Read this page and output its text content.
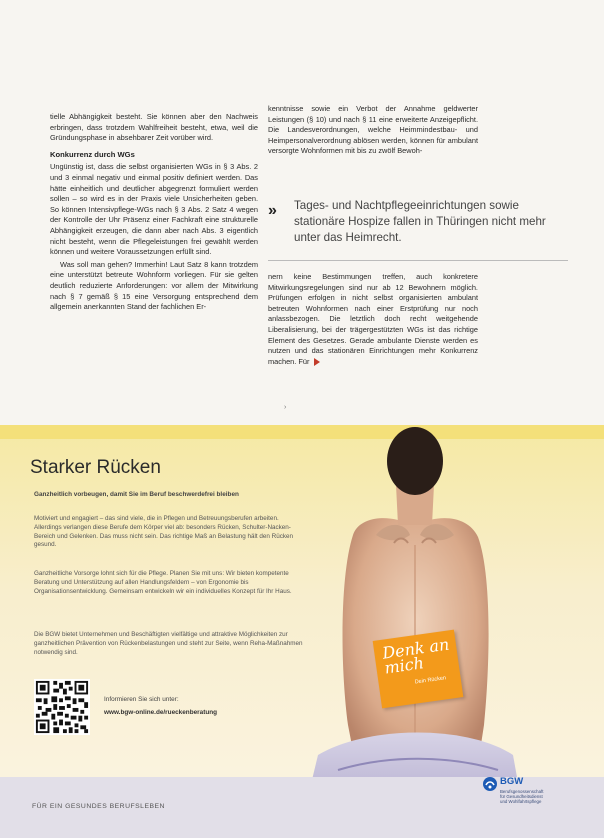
tielle Abhängigkeit besteht. Sie können aber den Nachweis erbringen, dass trotzdem Wahlfreiheit besteht, etwa, weil die Gründungsphase in absehbarer Zeit vorüber wird.

Konkurrenz durch WGs

Ungünstig ist, dass die selbst organisierten WGs in § 3 Abs. 2 und 3 einmal negativ und einmal positiv definiert werden. Das hätte einheitlich und deutlicher abgegrenzt formuliert werden sollen – so wird es in der Praxis viele Unsicherheiten geben. So können Intensivpflege-WGs nach § 3 Abs. 2 Satz 4 wegen der Kontrolle der Uhr Präsenz einer Fachkraft eine strukturelle Abhängigkeit erzeugen, die dann aber nach Abs. 3 eigentlich nicht besteht, wenn die Pflegeleistungen frei gewählt werden können und weitere Voraussetzungen erfüllt sind.

Was soll man gehen? Immerhin! Laut Satz 8 kann trotzdem eine unterstützt betreute Wohnform vorliegen. Für sie gelten deutlich reduzierte Anforderungen: vor allem der Mitwirkung nach § 7 gemäß § 15 eine Versorgung entsprechend dem allgemein anerkannten Stand der fachlichen Er-

kenntnisse sowie ein Verbot der Annahme geldwerter Leistungen (§ 10) und nach § 11 eine erweiterte Anzeigepflicht. Die Landesverordnungen, welche Heimmindestbau- und Heimpersonalverordnung ablösen werden, können für ambulant versorgte Wohnformen mit bis zu zwölf Bewoh-

» Tages- und Nachtpflegeeinrichtungen sowie stationäre Hospize fallen in Thüringen nicht mehr unter das Heimrecht.

nern keine Bestimmungen treffen, auch konkretere Mitwirkungsregelungen sind nur ab 12 Bewohnern möglich. Prüfungen erfolgen in nicht selbst organisierten ambulant betreuten Wohnformen nach einer Erstprüfung nur noch anlassbezogen. Die letztlich doch recht weitgehende Liberalisierung, bei der trägergestützten WGs ist das richtige Element des Gesetzes. Gerade ambulante Dienste werden es nutzen und das stationären Einrichtungen mehr Konkurrenz machen. Für

›
Starker Rücken
Ganzheitlich vorbeugen, damit Sie im Beruf beschwerdefrei bleiben
Motiviert und engagiert – das sind viele, die in Pflegen und Betreuungsberufen arbeiten. Allerdings verlangen diese Berufe dem Körper viel ab: besonders Rücken, Schulter-Nacken-Bereich und Gelenken. Das muss nicht sein. Das richtige Maß an Belastung hält den Rücken gesund.
Ganzheitliche Vorsorge lohnt sich für die Pflege. Planen Sie mit uns: Wir bieten kompetente Beratung und Unterstützung auf allen Handlungsfeldern – von Ergonomie bis Organisationsentwicklung. Gemeinsam entwickeln wir ein individuelles Konzept für Ihr Haus.
Die BGW bietet Unternehmen und Beschäftigten vielfältige und attraktive Möglichkeiten zur ganzheitlichen Prävention von Rückenbelastungen und steht zur Seite, wenn Reha-Maßnahmen notwendig sind.
Informieren Sie sich unter:
www.bgw-online.de/rueckenberatung
Denk an mich
Dein Rücken
FÜR EIN GESUNDES BERUFSLEBEN
BGW
Berufsgenossenschaft
für Gesundheitsdienst
und Wohlfahrtspflege
